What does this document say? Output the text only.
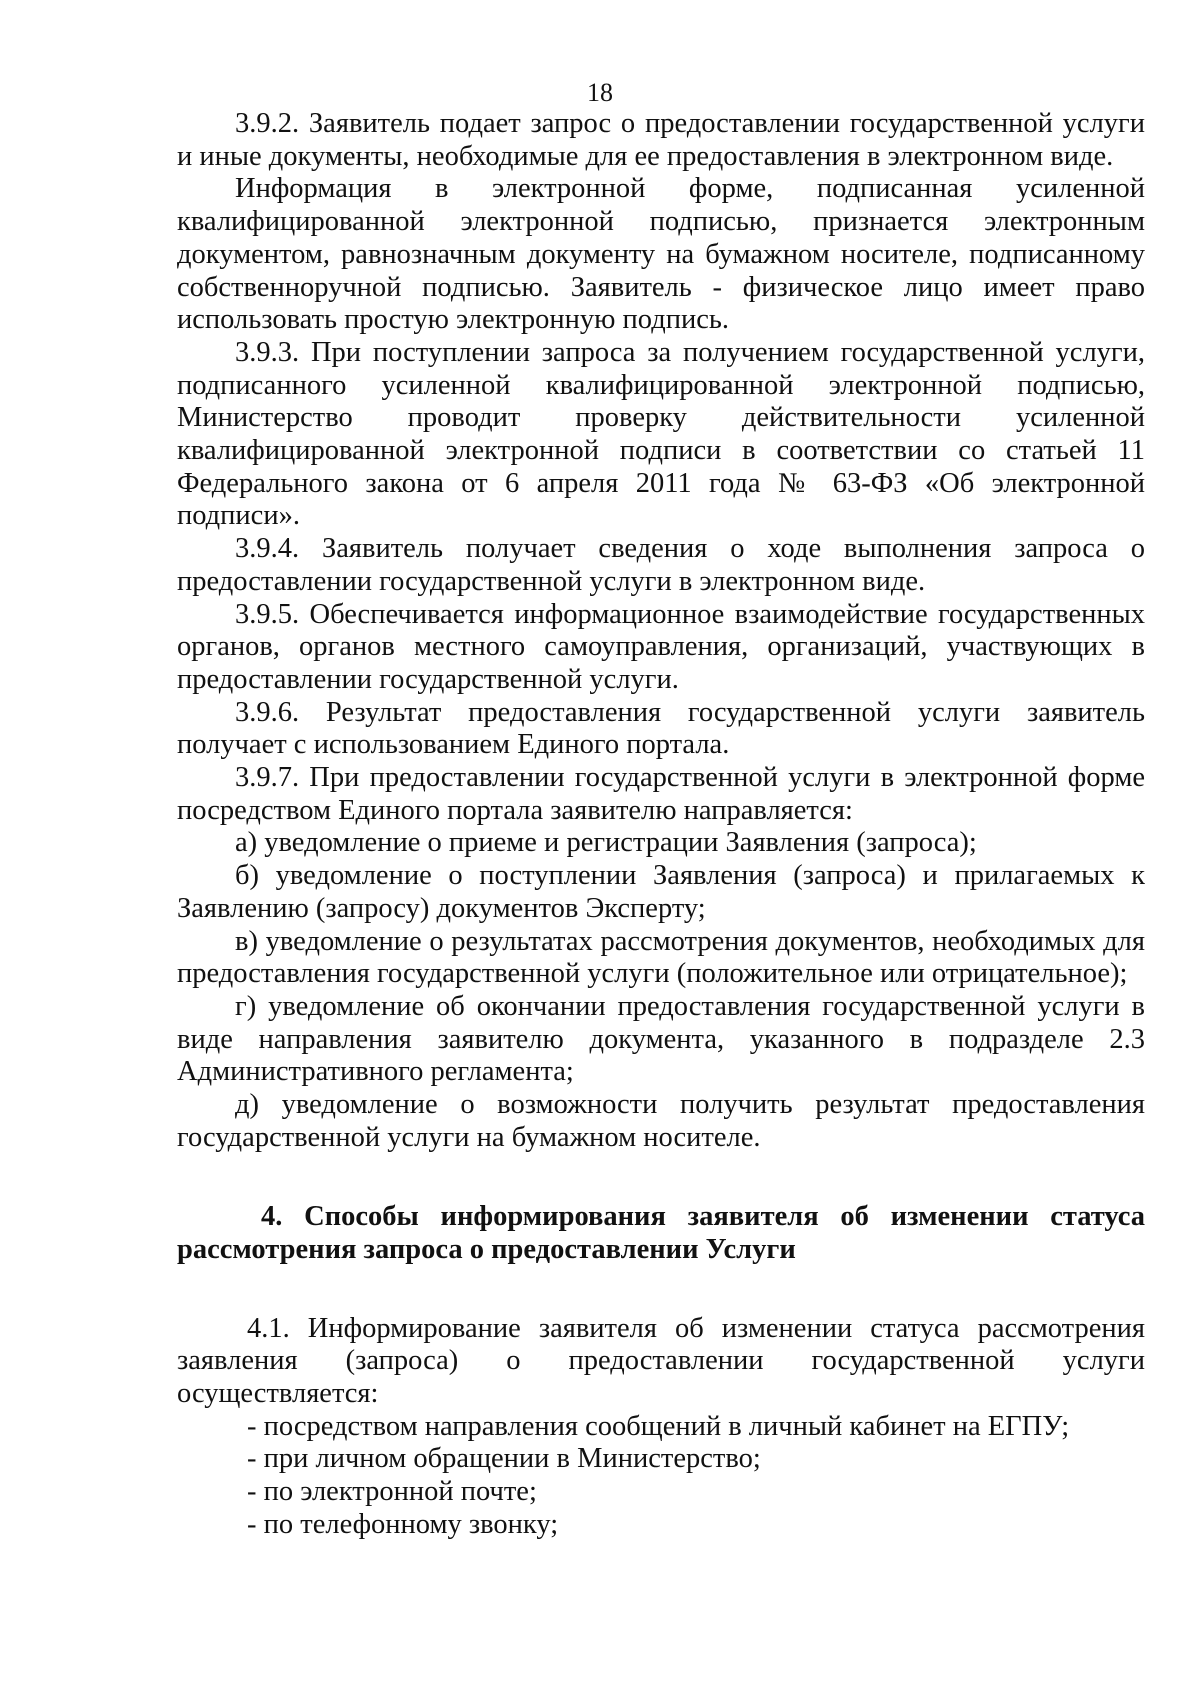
18

3.9.2. Заявитель подает запрос о предоставлении государственной услуги и иные документы, необходимые для ее предоставления в электронном виде.

Информация в электронной форме, подписанная усиленной квалифицированной электронной подписью, признается электронным документом, равнозначным документу на бумажном носителе, подписанному собственноручной подписью. Заявитель - физическое лицо имеет право использовать простую электронную подпись.

3.9.3. При поступлении запроса за получением государственной услуги, подписанного усиленной квалифицированной электронной подписью, Министерство проводит проверку действительности усиленной квалифицированной электронной подписи в соответствии со статьей 11 Федерального закона от 6 апреля 2011 года № 63-ФЗ «Об электронной подписи».

3.9.4. Заявитель получает сведения о ходе выполнения запроса о предоставлении государственной услуги в электронном виде.

3.9.5. Обеспечивается информационное взаимодействие государственных органов, органов местного самоуправления, организаций, участвующих в предоставлении государственной услуги.

3.9.6. Результат предоставления государственной услуги заявитель получает с использованием Единого портала.

3.9.7. При предоставлении государственной услуги в электронной форме посредством Единого портала заявителю направляется:

а) уведомление о приеме и регистрации Заявления (запроса);

б) уведомление о поступлении Заявления (запроса) и прилагаемых к Заявлению (запросу) документов Эксперту;

в) уведомление о результатах рассмотрения документов, необходимых для предоставления государственной услуги (положительное или отрицательное);

г) уведомление об окончании предоставления государственной услуги в виде направления заявителю документа, указанного в подразделе 2.3 Административного регламента;

д) уведомление о возможности получить результат предоставления государственной услуги на бумажном носителе.

4. Способы информирования заявителя об изменении статуса рассмотрения запроса о предоставлении Услуги

4.1. Информирование заявителя об изменении статуса рассмотрения заявления (запроса) о предоставлении государственной услуги осуществляется:

- посредством направления сообщений в личный кабинет на ЕГПУ;

- при личном обращении в Министерство;

- по электронной почте;

- по телефонному звонку;
